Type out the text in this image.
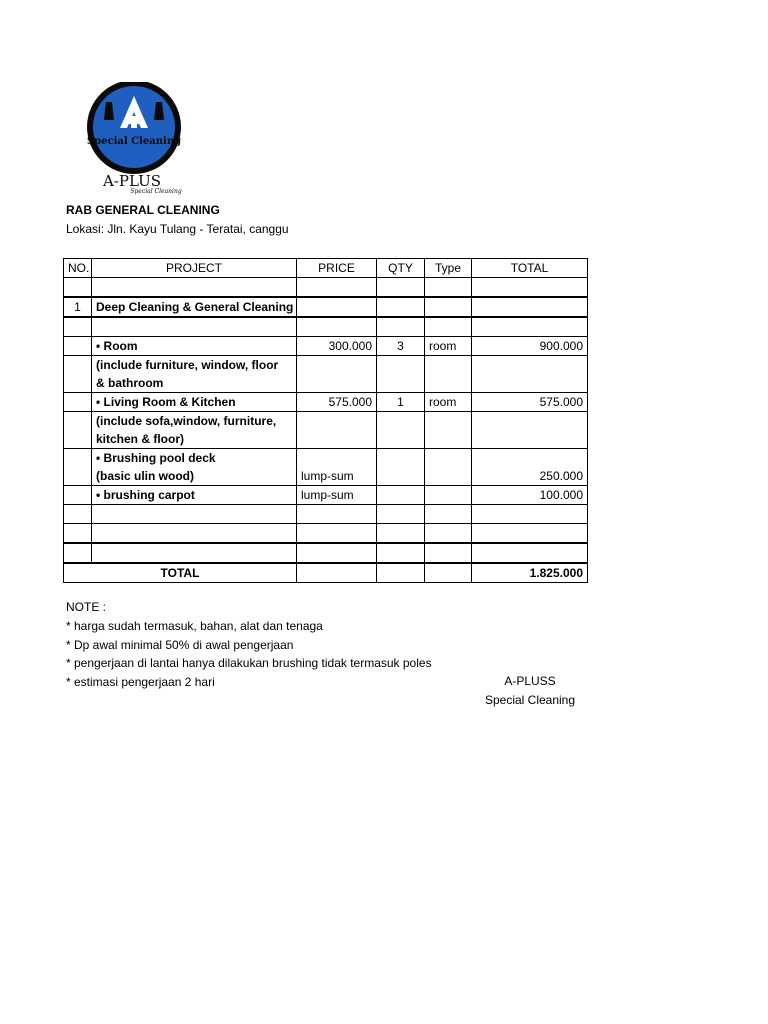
Special Cleaning
A-PLUS
Special Cleaning
RAB GENERAL CLEANING
Lokasi: Jln. Kayu Tulang - Teratai, canggu
NO.	PROJECT	PRICE	QTY	Type	TOTAL

1	Deep Cleaning & General Cleaning				

	• Room	300.000	3	room	900.000

	(include furniture, window, floor
& bathroom				

	• Living Room & Kitchen	575.000	1	room	575.000

	(include sofa,window, furniture,
kitchen & floor)				

	• Brushing pool deck
(basic ulin wood)	lump-sum			250.000
	• brushing carpot	lump-sum			100.000

TOTAL					1.825.000
NOTE :
* harga sudah termasuk, bahan, alat dan tenaga
* Dp awal minimal 50% di awal pengerjaan
* pengerjaan di lantai hanya dilakukan brushing tidak termasuk poles
* estimasi pengerjaan 2 hari	A-PLUSS
Special Cleaning
